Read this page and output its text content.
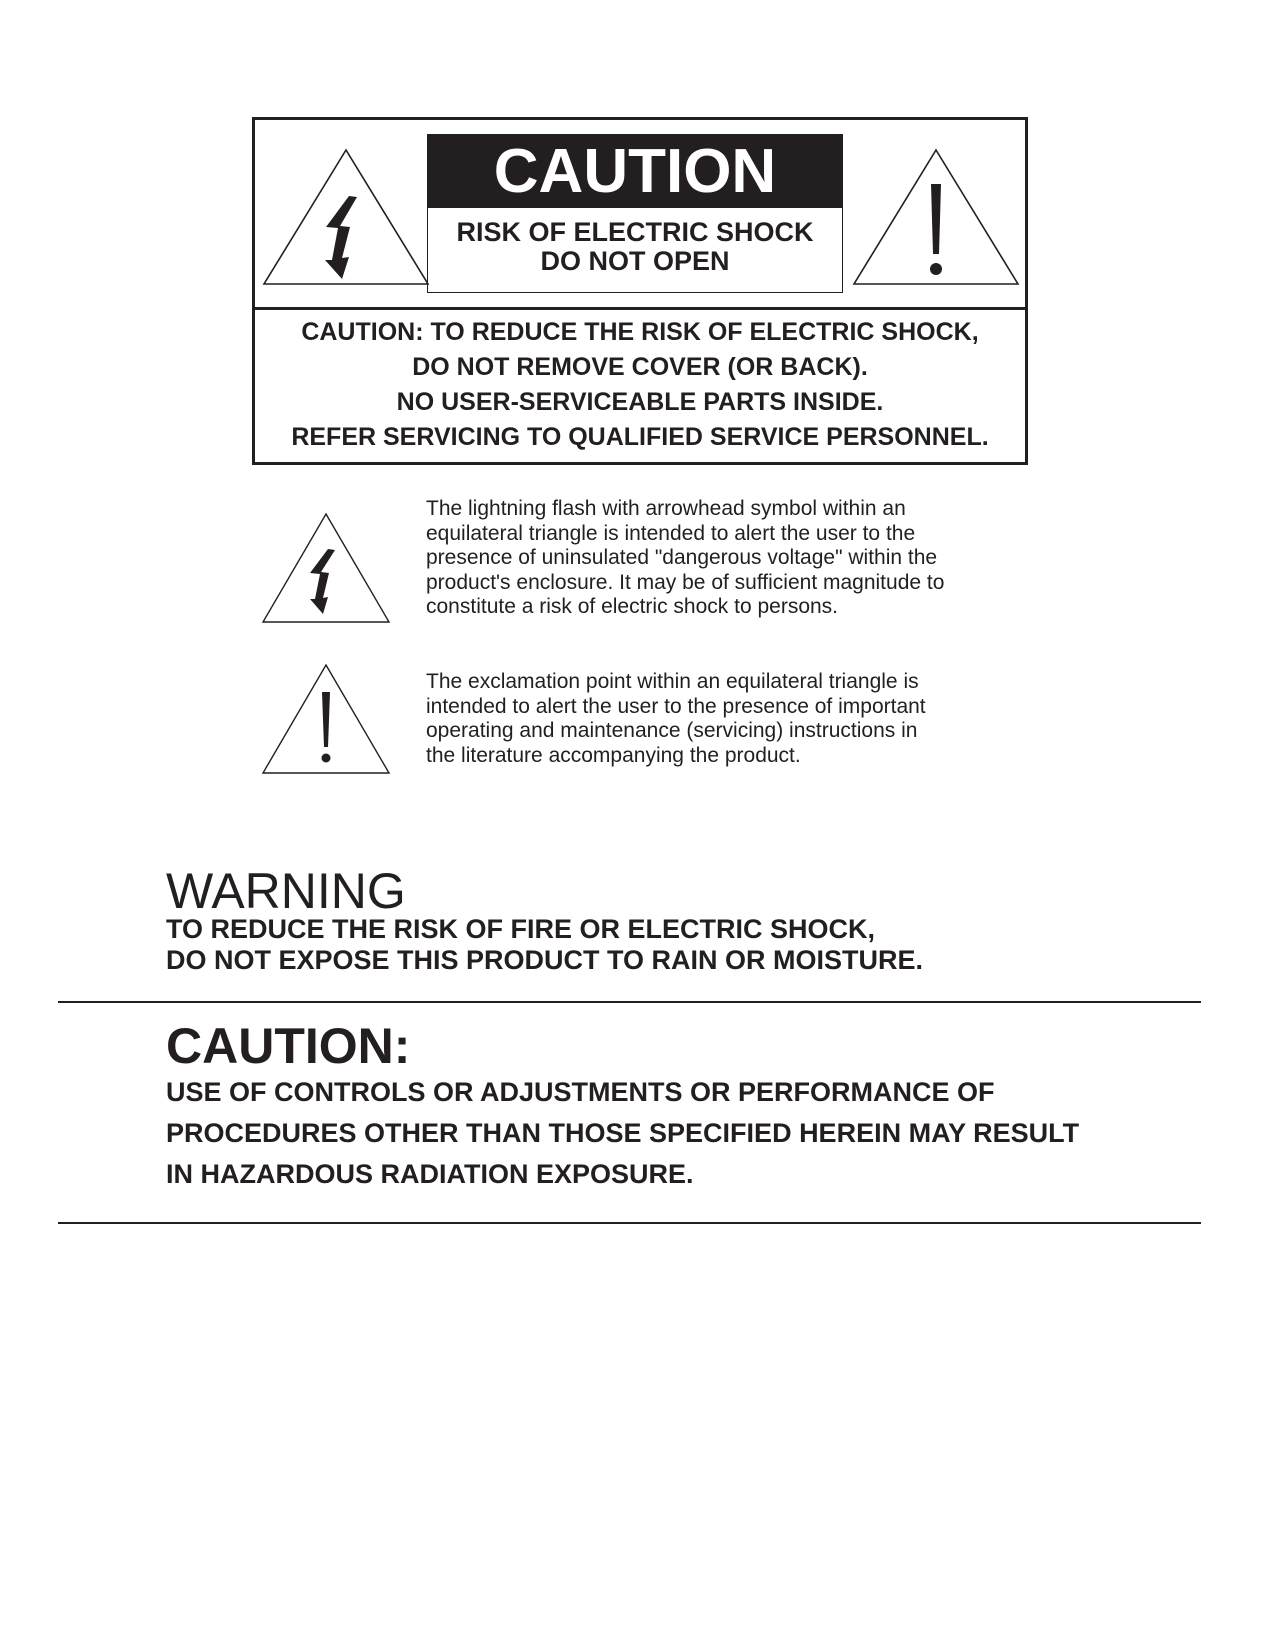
CAUTION
RISK OF ELECTRIC SHOCK
DO NOT OPEN
CAUTION: TO REDUCE THE RISK OF ELECTRIC SHOCK,
DO NOT REMOVE COVER (OR BACK).
NO USER-SERVICEABLE PARTS INSIDE.
REFER SERVICING TO QUALIFIED SERVICE PERSONNEL.
The lightning flash with arrowhead symbol within an
equilateral triangle is intended to alert the user to the
presence of uninsulated "dangerous voltage" within the
product's enclosure. It may be of sufficient magnitude to
constitute a risk of electric shock to persons.
The exclamation point within an equilateral triangle is
intended to alert the user to the presence of important
operating and maintenance (servicing) instructions in
the literature accompanying the product.
WARNING
TO REDUCE THE RISK OF FIRE OR ELECTRIC SHOCK,
DO NOT EXPOSE THIS PRODUCT TO RAIN OR MOISTURE.
CAUTION:
USE OF CONTROLS OR ADJUSTMENTS OR PERFORMANCE OF
PROCEDURES OTHER THAN THOSE SPECIFIED HEREIN MAY RESULT
IN HAZARDOUS RADIATION EXPOSURE.
